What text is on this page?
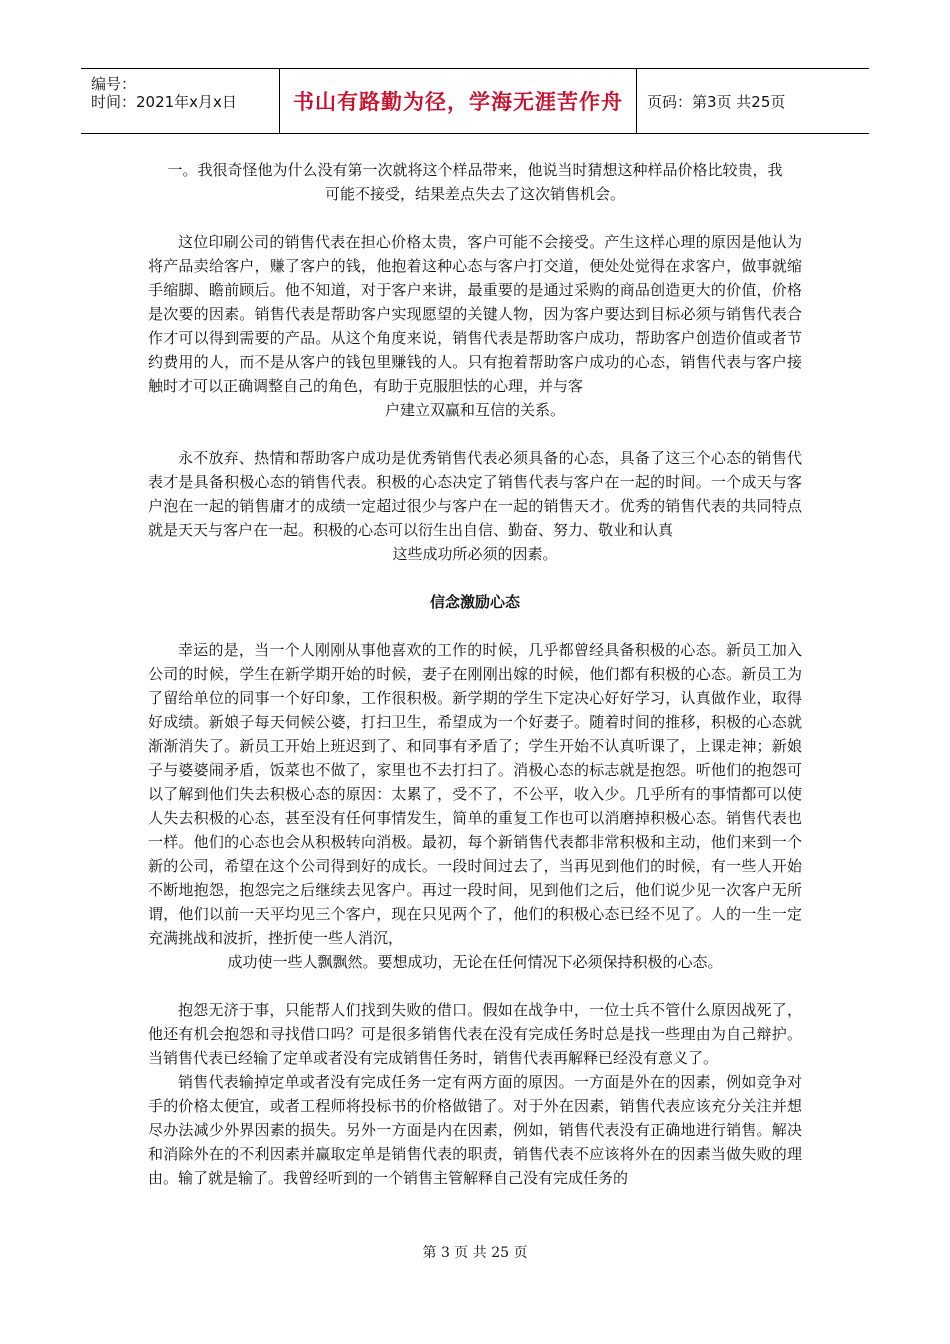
编号：
时间：2021年x月x日	书山有路勤为径，学海无涯苦作舟	页码：第3页 共25页

一。我很奇怪他为什么没有第一次就将这个样品带来，他说当时猜想这种样品价格比较贵，我

可能不接受，结果差点失去了这次销售机会。

这位印刷公司的销售代表在担心价格太贵，客户可能不会接受。产生这样心理的原因是他认为将产品卖给客户，赚了客户的钱，他抱着这种心态与客户打交道，便处处觉得在求客户，做事就缩手缩脚、瞻前顾后。他不知道，对于客户来讲，最重要的是通过采购的商品创造更大的价值，价格是次要的因素。销售代表是帮助客户实现愿望的关键人物，因为客户要达到目标必须与销售代表合作才可以得到需要的产品。从这个角度来说，销售代表是帮助客户成功，帮助客户创造价值或者节约费用的人，而不是从客户的钱包里赚钱的人。只有抱着帮助客户成功的心态，销售代表与客户接触时才可以正确调整自己的角色，有助于克服胆怯的心理，并与客

户建立双赢和互信的关系。

永不放弃、热情和帮助客户成功是优秀销售代表必须具备的心态，具备了这三个心态的销售代表才是具备积极心态的销售代表。积极的心态决定了销售代表与客户在一起的时间。一个成天与客户泡在一起的销售庸才的成绩一定超过很少与客户在一起的销售天才。优秀的销售代表的共同特点就是天天与客户在一起。积极的心态可以衍生出自信、勤奋、努力、敬业和认真

这些成功所必须的因素。

信念激励心态

幸运的是，当一个人刚刚从事他喜欢的工作的时候，几乎都曾经具备积极的心态。新员工加入公司的时候，学生在新学期开始的时候，妻子在刚刚出嫁的时候，他们都有积极的心态。新员工为了留给单位的同事一个好印象，工作很积极。新学期的学生下定决心好好学习，认真做作业，取得好成绩。新娘子每天伺候公婆，打扫卫生，希望成为一个好妻子。随着时间的推移，积极的心态就渐渐消失了。新员工开始上班迟到了、和同事有矛盾了；学生开始不认真听课了，上课走神；新娘子与婆婆闹矛盾，饭菜也不做了，家里也不去打扫了。消极心态的标志就是抱怨。听他们的抱怨可以了解到他们失去积极心态的原因：太累了，受不了，不公平，收入少。几乎所有的事情都可以使人失去积极的心态，甚至没有任何事情发生，简单的重复工作也可以消磨掉积极心态。销售代表也一样。他们的心态也会从积极转向消极。最初，每个新销售代表都非常积极和主动，他们来到一个新的公司，希望在这个公司得到好的成长。一段时间过去了，当再见到他们的时候，有一些人开始不断地抱怨，抱怨完之后继续去见客户。再过一段时间，见到他们之后，他们说少见一次客户无所谓，他们以前一天平均见三个客户，现在只见两个了，他们的积极心态已经不见了。人的一生一定充满挑战和波折，挫折使一些人消沉，

成功使一些人飘飘然。要想成功，无论在任何情况下必须保持积极的心态。

抱怨无济于事，只能帮人们找到失败的借口。假如在战争中，一位士兵不管什么原因战死了，他还有机会抱怨和寻找借口吗？可是很多销售代表在没有完成任务时总是找一些理由为自己辩护。当销售代表已经输了定单或者没有完成销售任务时，销售代表再解释已经没有意义了。

销售代表输掉定单或者没有完成任务一定有两方面的原因。一方面是外在的因素，例如竞争对手的价格太便宜，或者工程师将投标书的价格做错了。对于外在因素，销售代表应该充分关注并想尽办法减少外界因素的损失。另外一方面是内在因素，例如，销售代表没有正确地进行销售。解决和消除外在的不利因素并赢取定单是销售代表的职责，销售代表不应该将外在的因素当做失败的理由。输了就是输了。我曾经听到的一个销售主管解释自己没有完成任务的

第 3 页 共 25 页
